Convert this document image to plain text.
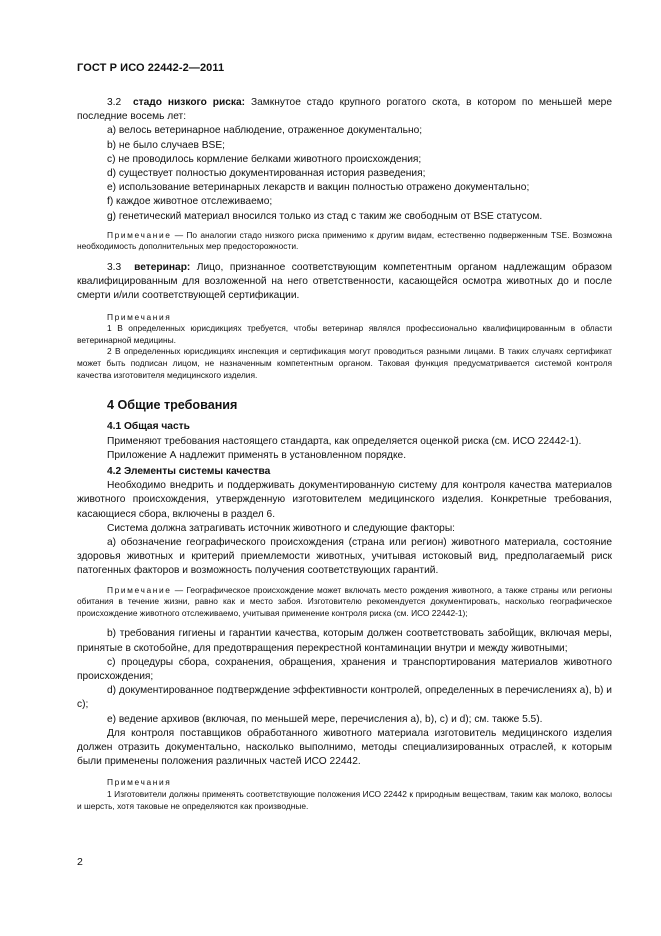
ГОСТ Р ИСО 22442-2—2011

3.2 стадо низкого риска: Замкнутое стадо крупного рогатого скота, в котором по меньшей мере последние восемь лет:

a) велось ветеринарное наблюдение, отраженное документально;

b) не было случаев BSE;

c) не проводилось кормление белками животного происхождения;

d) существует полностью документированная история разведения;

e) использование ветеринарных лекарств и вакцин полностью отражено документально;

f) каждое животное отслеживаемо;

g) генетический материал вносился только из стад с таким же свободным от BSE статусом.

Примечание — По аналогии стадо низкого риска применимо к другим видам, естественно подверженным TSE. Возможна необходимость дополнительных мер предосторожности.

3.3 ветеринар: Лицо, признанное соответствующим компетентным органом надлежащим образом квалифицированным для возложенной на него ответственности, касающейся осмотра животных до и после смерти и/или соответствующей сертификации.

Примечания

1 В определенных юрисдикциях требуется, чтобы ветеринар являлся профессионально квалифицированным в области ветеринарной медицины.

2 В определенных юрисдикциях инспекция и сертификация могут проводиться разными лицами. В таких случаях сертификат может быть подписан лицом, не назначенным компетентным органом. Таковая функция предусматривается системой контроля качества изготовителя медицинского изделия.

4 Общие требования

4.1 Общая часть

Применяют требования настоящего стандарта, как определяется оценкой риска (см. ИСО 22442-1).

Приложение А надлежит применять в установленном порядке.

4.2 Элементы системы качества

Необходимо внедрить и поддерживать документированную систему для контроля качества материалов животного происхождения, утвержденную изготовителем медицинского изделия. Конкретные требования, касающиеся сбора, включены в раздел 6.

Система должна затрагивать источник животного и следующие факторы:

a) обозначение географического происхождения (страна или регион) животного материала, состояние здоровья животных и критерий приемлемости животных, учитывая истоковый вид, предполагаемый риск патогенных факторов и возможность получения соответствующих гарантий.

Примечание — Географическое происхождение может включать место рождения животного, а также страны или регионы обитания в течение жизни, равно как и место забоя. Изготовителю рекомендуется документировать, насколько географическое происхождение животного отслеживаемо, учитывая применение контроля риска (см. ИСО 22442-1);

b) требования гигиены и гарантии качества, которым должен соответствовать забойщик, включая меры, принятые в скотобойне, для предотвращения перекрестной контаминации внутри и между животными;

c) процедуры сбора, сохранения, обращения, хранения и транспортирования материалов животного происхождения;

d) документированное подтверждение эффективности контролей, определенных в перечислениях a), b) и c);

e) ведение архивов (включая, по меньшей мере, перечисления a), b), c) и d); см. также 5.5).

Для контроля поставщиков обработанного животного материала изготовитель медицинского изделия должен отразить документально, насколько выполнимо, методы специализированных отраслей, к которым были применены положения различных частей ИСО 22442.

Примечания

1 Изготовители должны применять соответствующие положения ИСО 22442 к природным веществам, таким как молоко, волосы и шерсть, хотя таковые не определяются как производные.

2
